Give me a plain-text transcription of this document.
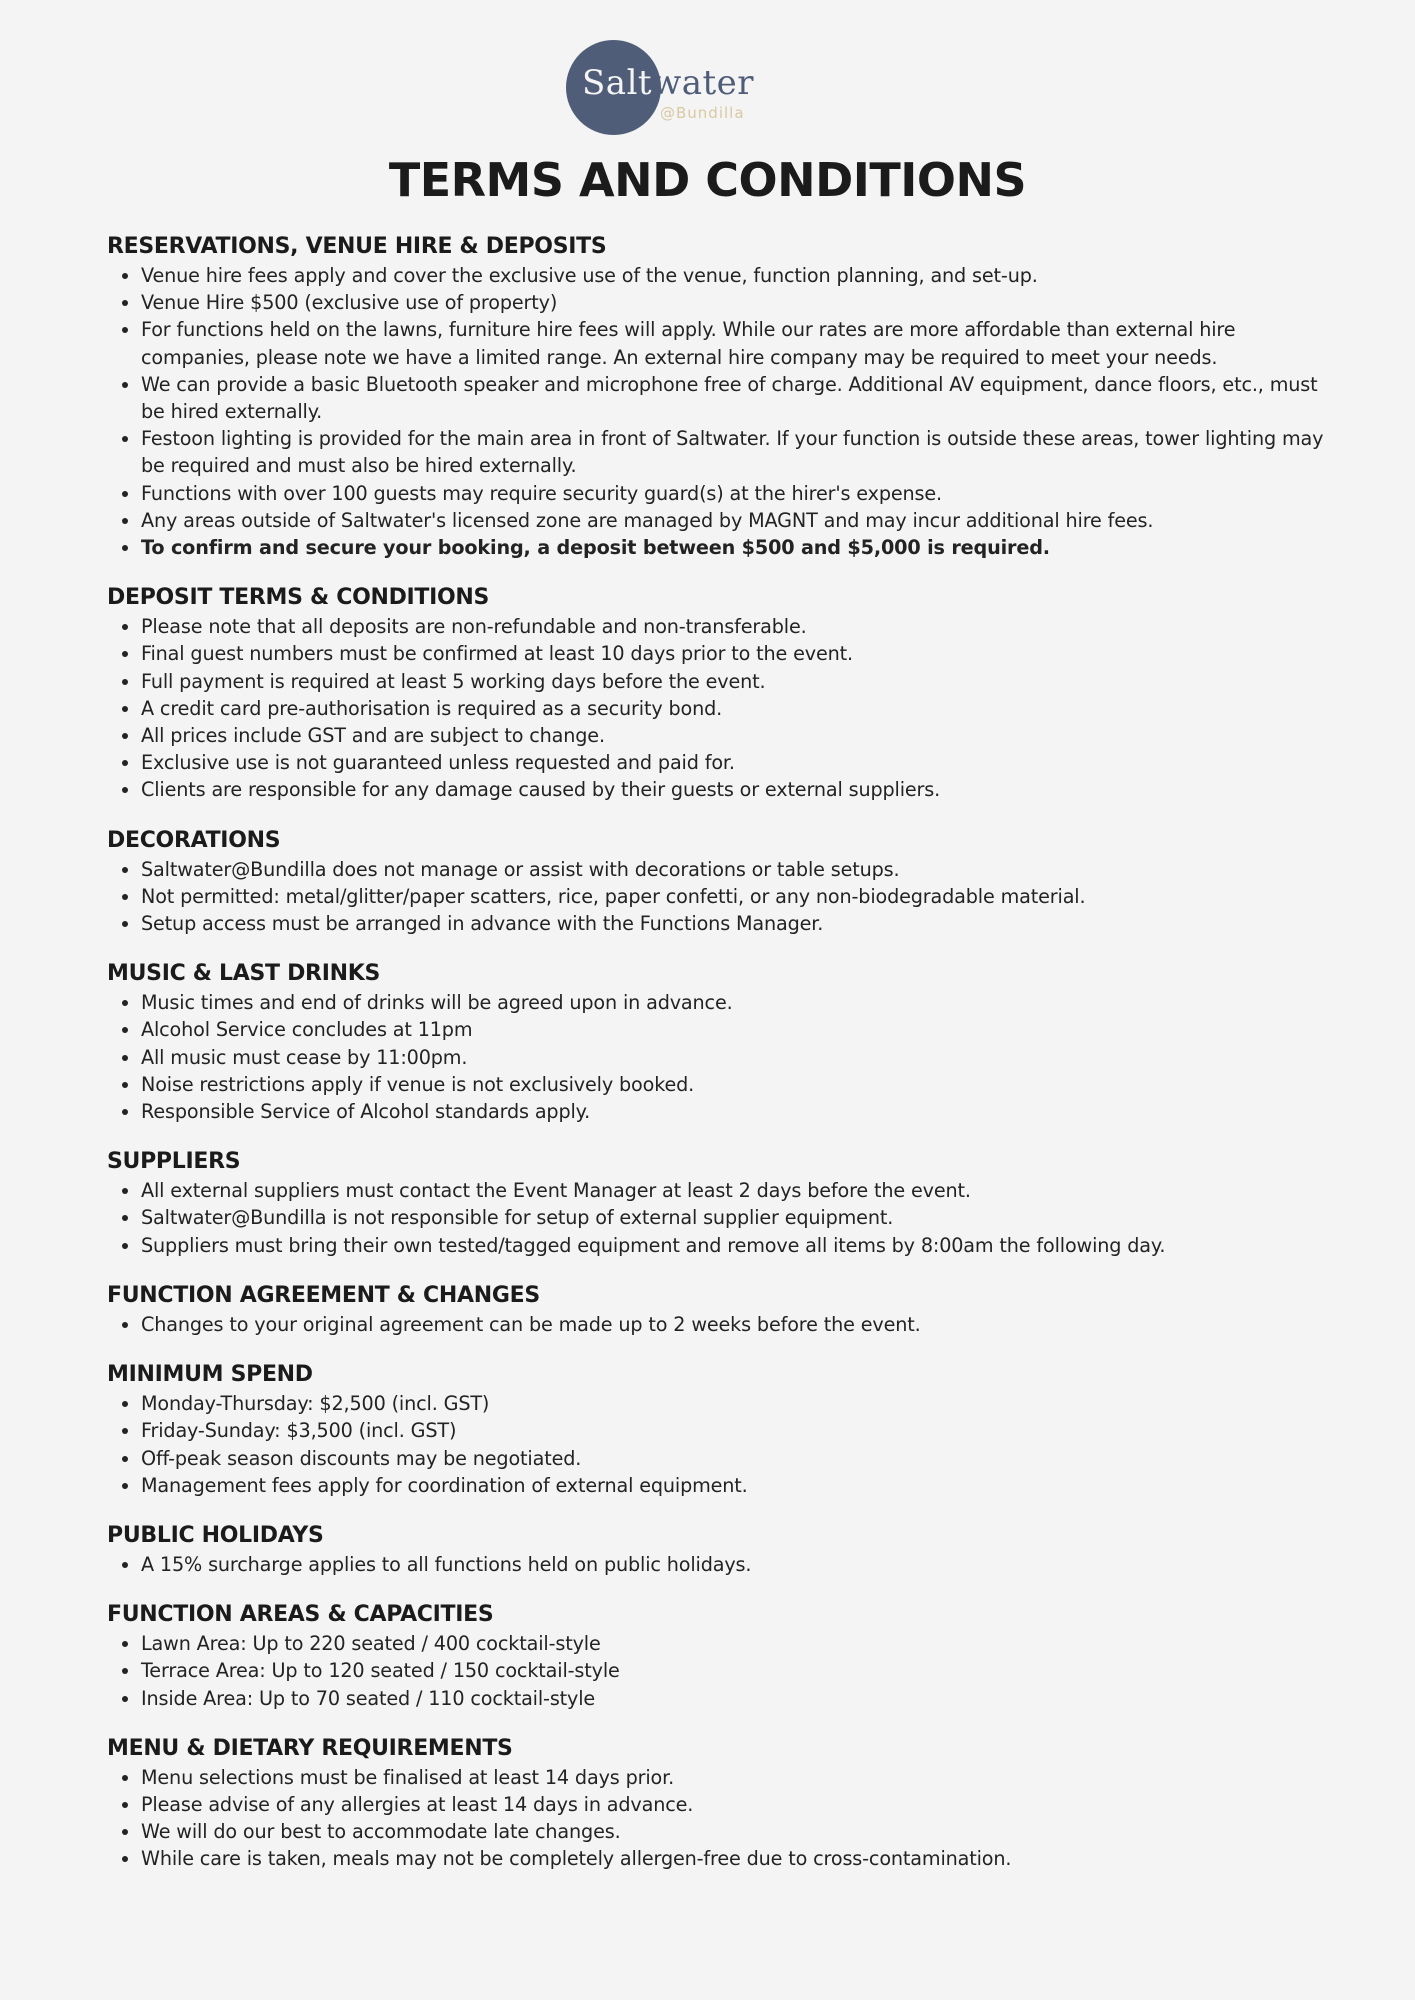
Saltwater
@Bundilla
TERMS AND CONDITIONS
RESERVATIONS, VENUE HIRE & DEPOSITS
• Venue hire fees apply and cover the exclusive use of the venue, function planning, and set-up.
• Venue Hire $500 (exclusive use of property)
• For functions held on the lawns, furniture hire fees will apply. While our rates are more affordable than external hire companies, please note we have a limited range. An external hire company may be required to meet your needs.
• We can provide a basic Bluetooth speaker and microphone free of charge. Additional AV equipment, dance floors, etc., must be hired externally.
• Festoon lighting is provided for the main area in front of Saltwater. If your function is outside these areas, tower lighting may be required and must also be hired externally.
• Functions with over 100 guests may require security guard(s) at the hirer's expense.
• Any areas outside of Saltwater's licensed zone are managed by MAGNT and may incur additional hire fees.
• To confirm and secure your booking, a deposit between $500 and $5,000 is required.
DEPOSIT TERMS & CONDITIONS
• Please note that all deposits are non-refundable and non-transferable.
• Final guest numbers must be confirmed at least 10 days prior to the event.
• Full payment is required at least 5 working days before the event.
• A credit card pre-authorisation is required as a security bond.
• All prices include GST and are subject to change.
• Exclusive use is not guaranteed unless requested and paid for.
• Clients are responsible for any damage caused by their guests or external suppliers.
DECORATIONS
• Saltwater@Bundilla does not manage or assist with decorations or table setups.
• Not permitted: metal/glitter/paper scatters, rice, paper confetti, or any non-biodegradable material.
• Setup access must be arranged in advance with the Functions Manager.
MUSIC & LAST DRINKS
• Music times and end of drinks will be agreed upon in advance.
• Alcohol Service concludes at 11pm
• All music must cease by 11:00pm.
• Noise restrictions apply if venue is not exclusively booked.
• Responsible Service of Alcohol standards apply.
SUPPLIERS
• All external suppliers must contact the Event Manager at least 2 days before the event.
• Saltwater@Bundilla is not responsible for setup of external supplier equipment.
• Suppliers must bring their own tested/tagged equipment and remove all items by 8:00am the following day.
FUNCTION AGREEMENT & CHANGES
• Changes to your original agreement can be made up to 2 weeks before the event.
MINIMUM SPEND
• Monday-Thursday: $2,500 (incl. GST)
• Friday-Sunday: $3,500 (incl. GST)
• Off-peak season discounts may be negotiated.
• Management fees apply for coordination of external equipment.
PUBLIC HOLIDAYS
• A 15% surcharge applies to all functions held on public holidays.
FUNCTION AREAS & CAPACITIES
• Lawn Area: Up to 220 seated / 400 cocktail-style
• Terrace Area: Up to 120 seated / 150 cocktail-style
• Inside Area: Up to 70 seated / 110 cocktail-style
MENU & DIETARY REQUIREMENTS
• Menu selections must be finalised at least 14 days prior.
• Please advise of any allergies at least 14 days in advance.
• We will do our best to accommodate late changes.
• While care is taken, meals may not be completely allergen-free due to cross-contamination.
